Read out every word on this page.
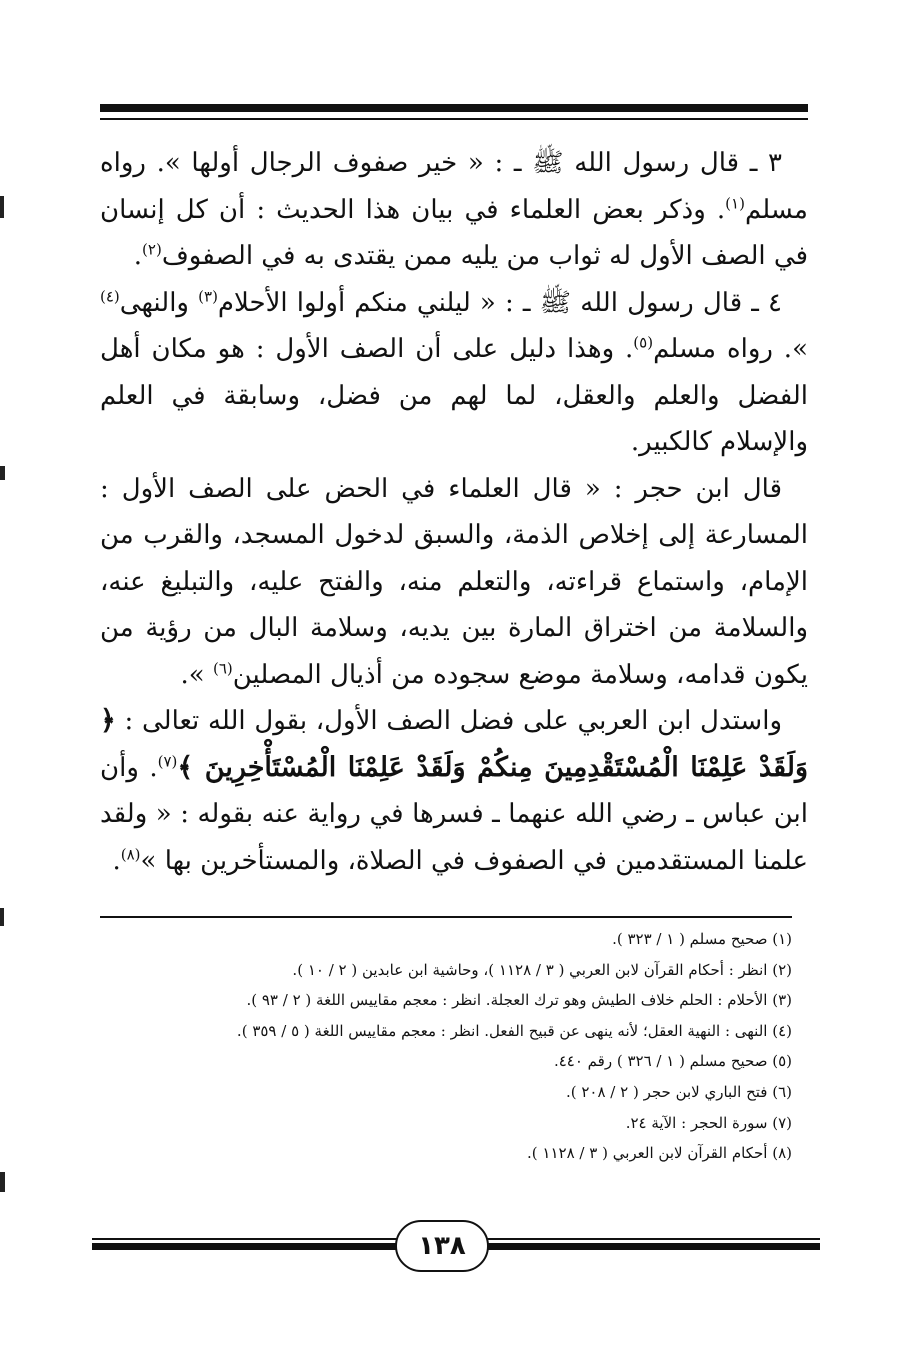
٣ ـ قال رسول الله ﷺ ـ : « خير صفوف الرجال أولها ». رواه مسلم$^{(١)}$. وذكر بعض العلماء في بيان هذا الحديث : أن كل إنسان في الصف الأول له ثواب من يليه ممن يقتدى به في الصفوف$^{(٢)}$.

٤ ـ قال رسول الله ﷺ ـ : « ليلني منكم أولوا الأحلام$^{(٣)}$ والنهى$^{(٤)}$ ». رواه مسلم$^{(٥)}$. وهذا دليل على أن الصف الأول : هو مكان أهل الفضل والعلم والعقل، لما لهم من فضل، وسابقة في العلم والإسلام كالكبير.

قال ابن حجر : « قال العلماء في الحض على الصف الأول : المسارعة إلى إخلاص الذمة، والسبق لدخول المسجد، والقرب من الإمام، واستماع قراءته، والتعلم منه، والفتح عليه، والتبليغ عنه، والسلامة من اختراق المارة بين يديه، وسلامة البال من رؤية من يكون قدامه، وسلامة موضع سجوده من أذيال المصلين$^{(٦)}$ ».

واستدل ابن العربي على فضل الصف الأول، بقول الله تعالى : ﴿ وَلَقَدْ عَلِمْنَا الْمُسْتَقْدِمِينَ مِنكُمْ وَلَقَدْ عَلِمْنَا الْمُسْتَأْخِرِينَ ﴾$^{(٧)}$. وأن ابن عباس ـ رضي الله عنهما ـ فسرها في رواية عنه بقوله : « ولقد علمنا المستقدمين في الصفوف في الصلاة، والمستأخرين بها »$^{(٨)}$.

(١) صحيح مسلم ( ١ / ٣٢٣ ).
(٢) انظر : أحكام القرآن لابن العربي ( ٣ / ١١٢٨ )، وحاشية ابن عابدين ( ٢ / ١٠ ).
(٣) الأحلام : الحلم خلاف الطيش وهو ترك العجلة. انظر : معجم مقاييس اللغة ( ٢ / ٩٣ ).
(٤) النهى : النهية العقل؛ لأنه ينهى عن قبيح الفعل. انظر : معجم مقاييس اللغة ( ٥ / ٣٥٩ ).
(٥) صحيح مسلم ( ١ / ٣٢٦ ) رقم ٤٤٠.
(٦) فتح الباري لابن حجر ( ٢ / ٢٠٨ ).
(٧) سورة الحجر : الآية ٢٤.
(٨) أحكام القرآن لابن العربي ( ٣ / ١١٢٨ ).
١٣٨
